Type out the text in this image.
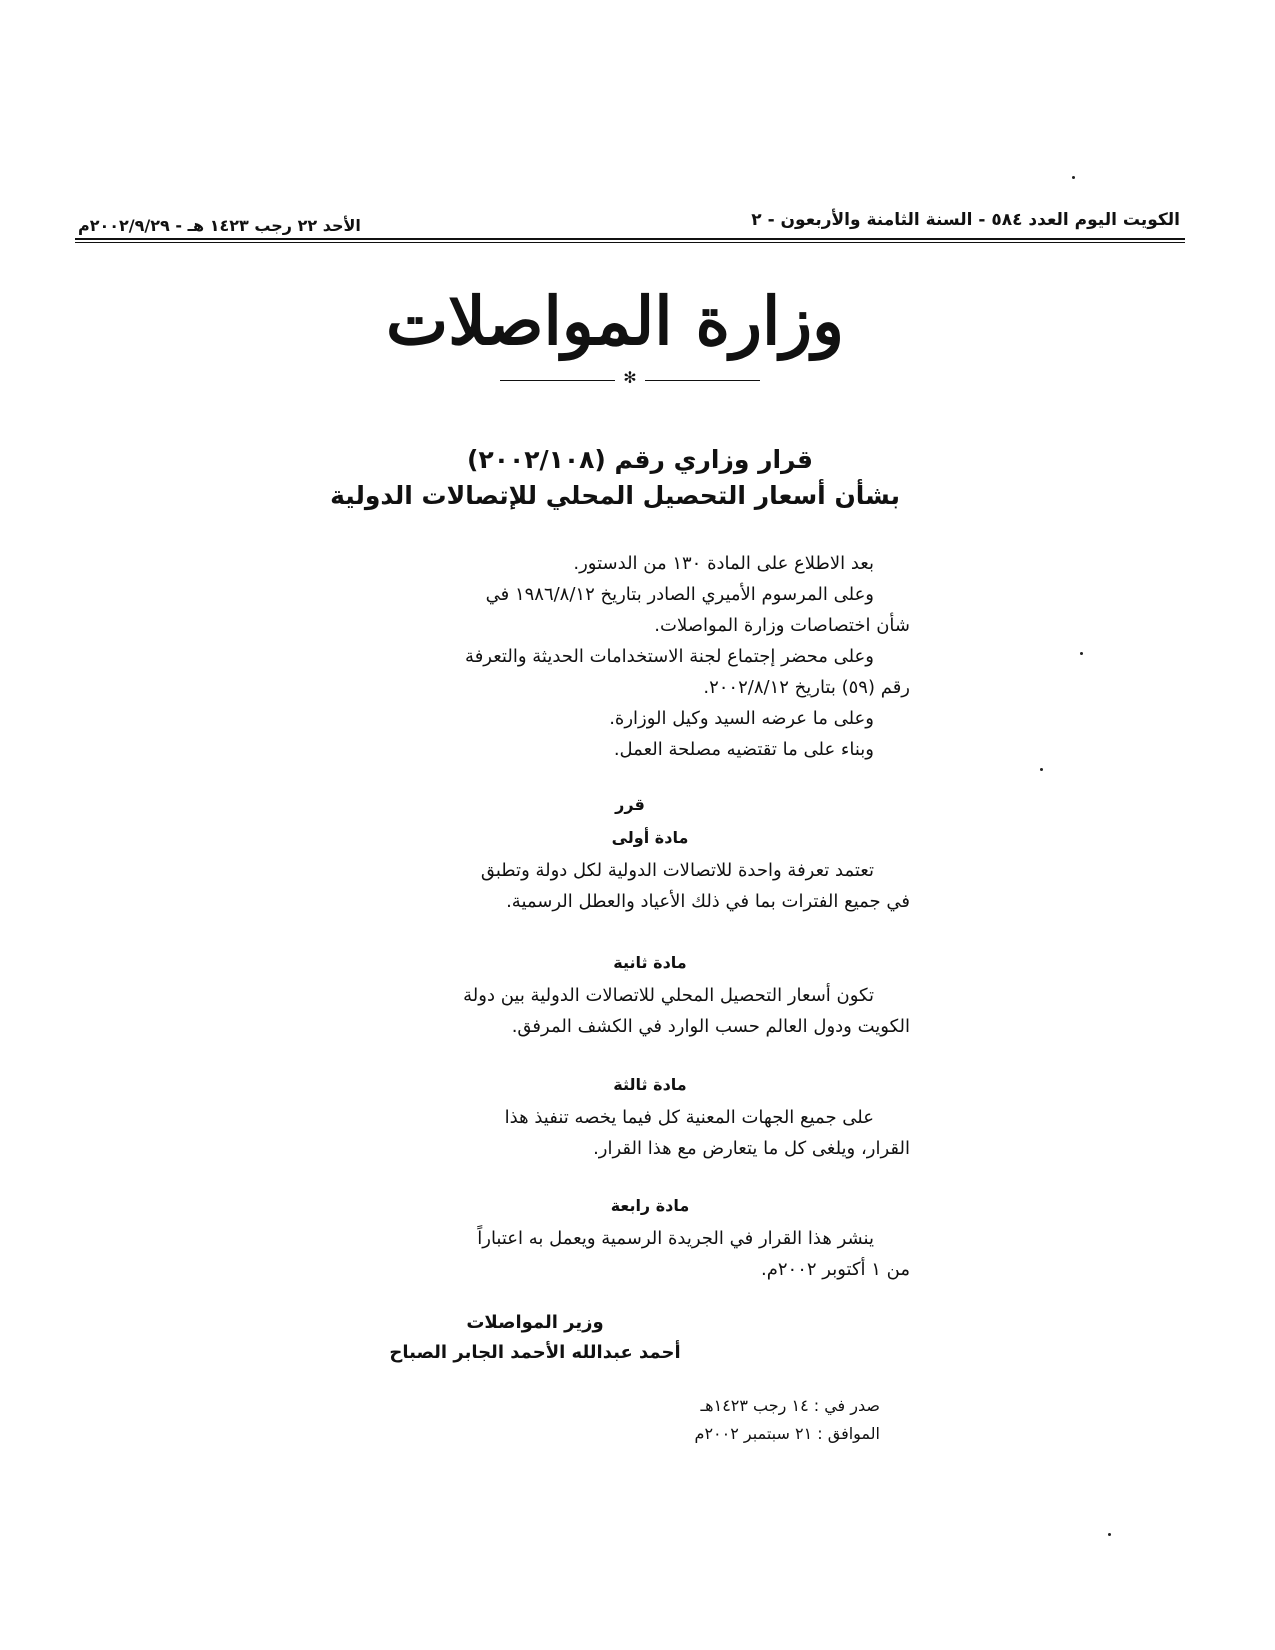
الكويت اليوم العدد ٥٨٤ - السنة الثامنة والأربعون - ٢
الأحد ٢٢ رجب ١٤٢٣ هـ - ٢٠٠٢/٩/٢٩م
وزارة المواصلات
✻
قرار وزاري رقم (٢٠٠٢/١٠٨)
بشأن أسعار التحصيل المحلي للإتصالات الدولية
بعد الاطلاع على المادة ١٣٠ من الدستور.
وعلى المرسوم الأميري الصادر بتاريخ ١٩٨٦/٨/١٢ في
شأن اختصاصات وزارة المواصلات.
وعلى محضر إجتماع لجنة الاستخدامات الحديثة والتعرفة
رقم (٥٩) بتاريخ ٢٠٠٢/٨/١٢.
وعلى ما عرضه السيد وكيل الوزارة.
وبناء على ما تقتضيه مصلحة العمل.
قرر
مادة أولى
تعتمد تعرفة واحدة للاتصالات الدولية لكل دولة وتطبق
في جميع الفترات بما في ذلك الأعياد والعطل الرسمية.
مادة ثانية
تكون أسعار التحصيل المحلي للاتصالات الدولية بين دولة
الكويت ودول العالم حسب الوارد في الكشف المرفق.
مادة ثالثة
على جميع الجهات المعنية كل فيما يخصه تنفيذ هذا
القرار، ويلغى كل ما يتعارض مع هذا القرار.
مادة رابعة
ينشر هذا القرار في الجريدة الرسمية ويعمل به اعتباراً
من ١ أكتوبر ٢٠٠٢م.
وزير المواصلات
أحمد عبدالله الأحمد الجابر الصباح
صدر في : ١٤ رجب ١٤٢٣هـ
الموافق : ٢١ سبتمبر ٢٠٠٢م
